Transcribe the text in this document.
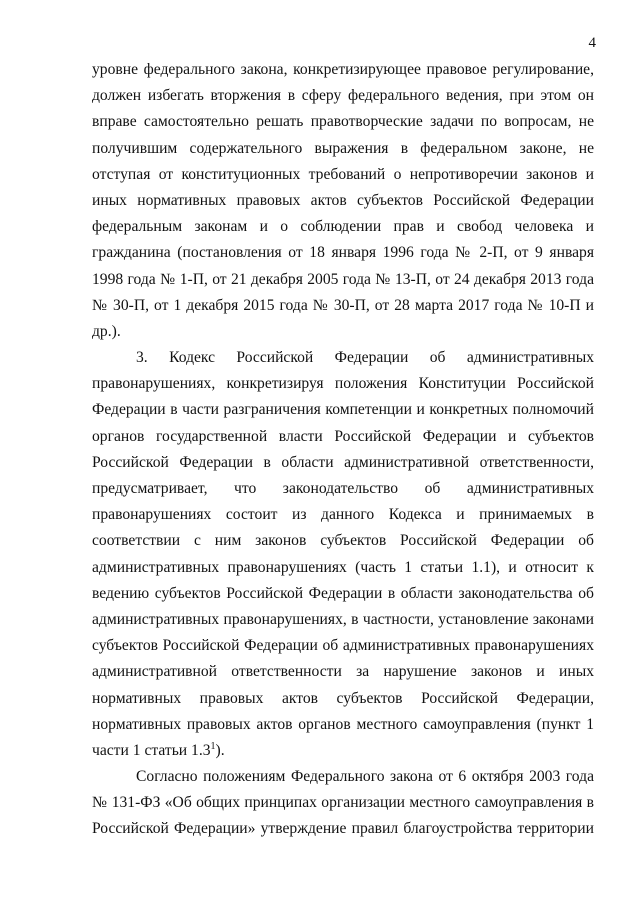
4
уровне федерального закона, конкретизирующее правовое регулирование,
должен избегать вторжения в сферу федерального ведения, при этом он
вправе самостоятельно решать правотворческие задачи по вопросам, не
получившим содержательного выражения в федеральном законе, не
отступая от конституционных требований о непротиворечии законов и
иных нормативных правовых актов субъектов Российской Федерации
федеральным законам и о соблюдении прав и свобод человека и
гражданина (постановления от 18 января 1996 года № 2-П, от 9 января
1998 года № 1-П, от 21 декабря 2005 года № 13-П, от 24 декабря 2013 года
№ 30-П, от 1 декабря 2015 года № 30-П, от 28 марта 2017 года № 10-П и
др.).
3. Кодекс Российской Федерации об административных
правонарушениях, конкретизируя положения Конституции Российской
Федерации в части разграничения компетенции и конкретных полномочий
органов государственной власти Российской Федерации и субъектов
Российской Федерации в области административной ответственности,
предусматривает, что законодательство об административных
правонарушениях состоит из данного Кодекса и принимаемых в
соответствии с ним законов субъектов Российской Федерации об
административных правонарушениях (часть 1 статьи 1.1), и относит к
ведению субъектов Российской Федерации в области законодательства об
административных правонарушениях, в частности, установление законами
субъектов Российской Федерации об административных правонарушениях
административной ответственности за нарушение законов и иных
нормативных правовых актов субъектов Российской Федерации,
нормативных правовых актов органов местного самоуправления (пункт 1
части 1 статьи $1.3^1$).
Согласно положениям Федерального закона от 6 октября 2003 года
№ 131-ФЗ «Об общих принципах организации местного самоуправления в
Российской Федерации» утверждение правил благоустройства территории
